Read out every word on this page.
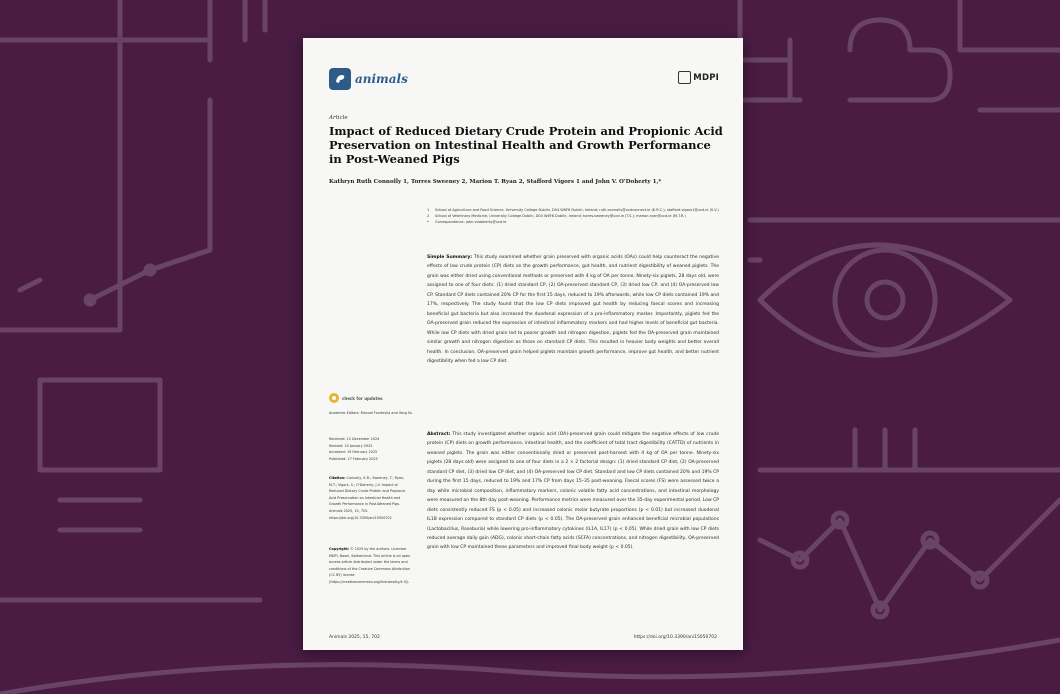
animals	MDPI
Article
Impact of Reduced Dietary Crude Protein and Propionic Acid Preservation on Intestinal Health and Growth Performance in Post-Weaned Pigs
Kathryn Ruth Connolly 1, Torres Sweeney 2, Marion T. Ryan 2, Stafford Vigors 1 and John V. O'Doherty 1,*
1	School of Agriculture and Food Science, University College Dublin, D04 W6F6 Dublin, Ireland; ruth.connolly@ucdconnect.ie (K.R.C.); stafford.vigors1@ucd.ie (S.V.)
2	School of Veterinary Medicine, University College Dublin, D04 W6F6 Dublin, Ireland; torres.sweeney@ucd.ie (T.S.); marion.ryan@ucd.ie (M.T.R.)
*	Correspondence: john.vodoherty@ucd.ie

Simple Summary: This study examined whether grain preserved with organic acids (OAs) could help counteract the negative effects of low crude protein (CP) diets on the growth performance, gut health, and nutrient digestibility of weaned piglets. The grain was either dried using conventional methods or preserved with 4 kg of OA per tonne. Ninety-six piglets, 28 days old, were assigned to one of four diets: (1) dried standard CP, (2) OA-preserved standard CP, (3) dried low CP, and (4) OA-preserved low CP. Standard CP diets contained 20% CP for the first 15 days, reduced to 19% afterwards, while low CP diets contained 19% and 17%, respectively. The study found that the low CP diets improved gut health by reducing faecal scores and increasing beneficial gut bacteria but also increased the duodenal expression of a pro-inflammatory marker. Importantly, piglets fed the OA-preserved grain reduced the expression of intestinal inflammatory markers and had higher levels of beneficial gut bacteria. While low CP diets with dried grain led to poorer growth and nitrogen digestion, piglets fed the OA-preserved grain maintained similar growth and nitrogen digestion as those on standard CP diets. This resulted in heavier body weights and better overall health. In conclusion, OA-preserved grain helped piglets maintain growth performance, improve gut health, and better nutrient digestibility when fed a low CP diet.

Abstract: This study investigated whether organic acid (OA)-preserved grain could mitigate the negative effects of low crude protein (CP) diets on growth performance, intestinal health, and the coefficient of total tract digestibility (CATTD) of nutrients in weaned piglets. The grain was either conventionally dried or preserved post-harvest with 4 kg of OA per tonne. Ninety-six piglets (28 days old) were assigned to one of four diets in a 2 × 2 factorial design: (1) dried standard CP diet, (2) OA-preserved standard CP diet, (3) dried low CP diet, and (4) OA-preserved low CP diet. Standard and low CP diets contained 20% and 19% CP during the first 15 days, reduced to 19% and 17% CP from days 15–35 post-weaning. Faecal scores (FS) were assessed twice a day while microbial composition, inflammatory markers, colonic volatile fatty acid concentrations, and intestinal morphology were measured on the 8th day post-weaning. Performance metrics were measured over the 35-day experimental period. Low CP diets consistently reduced FS (p < 0.05) and increased colonic molar butyrate proportions (p < 0.01) but increased duodenal IL1B expression compared to standard CP diets (p < 0.05). The OA-preserved grain enhanced beneficial microbial populations (Lactobacillus, Roseburia) while lowering pro-inflammatory cytokines (IL1A, IL17) (p < 0.05). While dried grain with low CP diets reduced average daily gain (ADG), colonic short-chain fatty acids (SCFA) concentrations, and nitrogen digestibility, OA-preserved grain with low CP maintained these parameters and improved final body weight (p < 0.05).

check for updates
Academic Editors: Manuel Fondevila and Yong Su
Received: 12 December 2024
Revised: 10 January 2025
Accepted: 19 February 2025
Published: 27 February 2025
Citation: Connolly, K.R.; Sweeney, T.; Ryan, M.T.; Vigors, S.; O'Doherty, J.V. Impact of Reduced Dietary Crude Protein and Propionic Acid Preservation on Intestinal Health and Growth Performance in Post-Weaned Pigs. Animals 2025, 15, 702. https://doi.org/10.3390/ani15050702
Copyright: © 2025 by the authors. Licensee MDPI, Basel, Switzerland. This article is an open access article distributed under the terms and conditions of the Creative Commons Attribution (CC BY) license (https://creativecommons.org/licenses/by/4.0/).
Animals 2025, 15, 702	https://doi.org/10.3390/ani15050702
